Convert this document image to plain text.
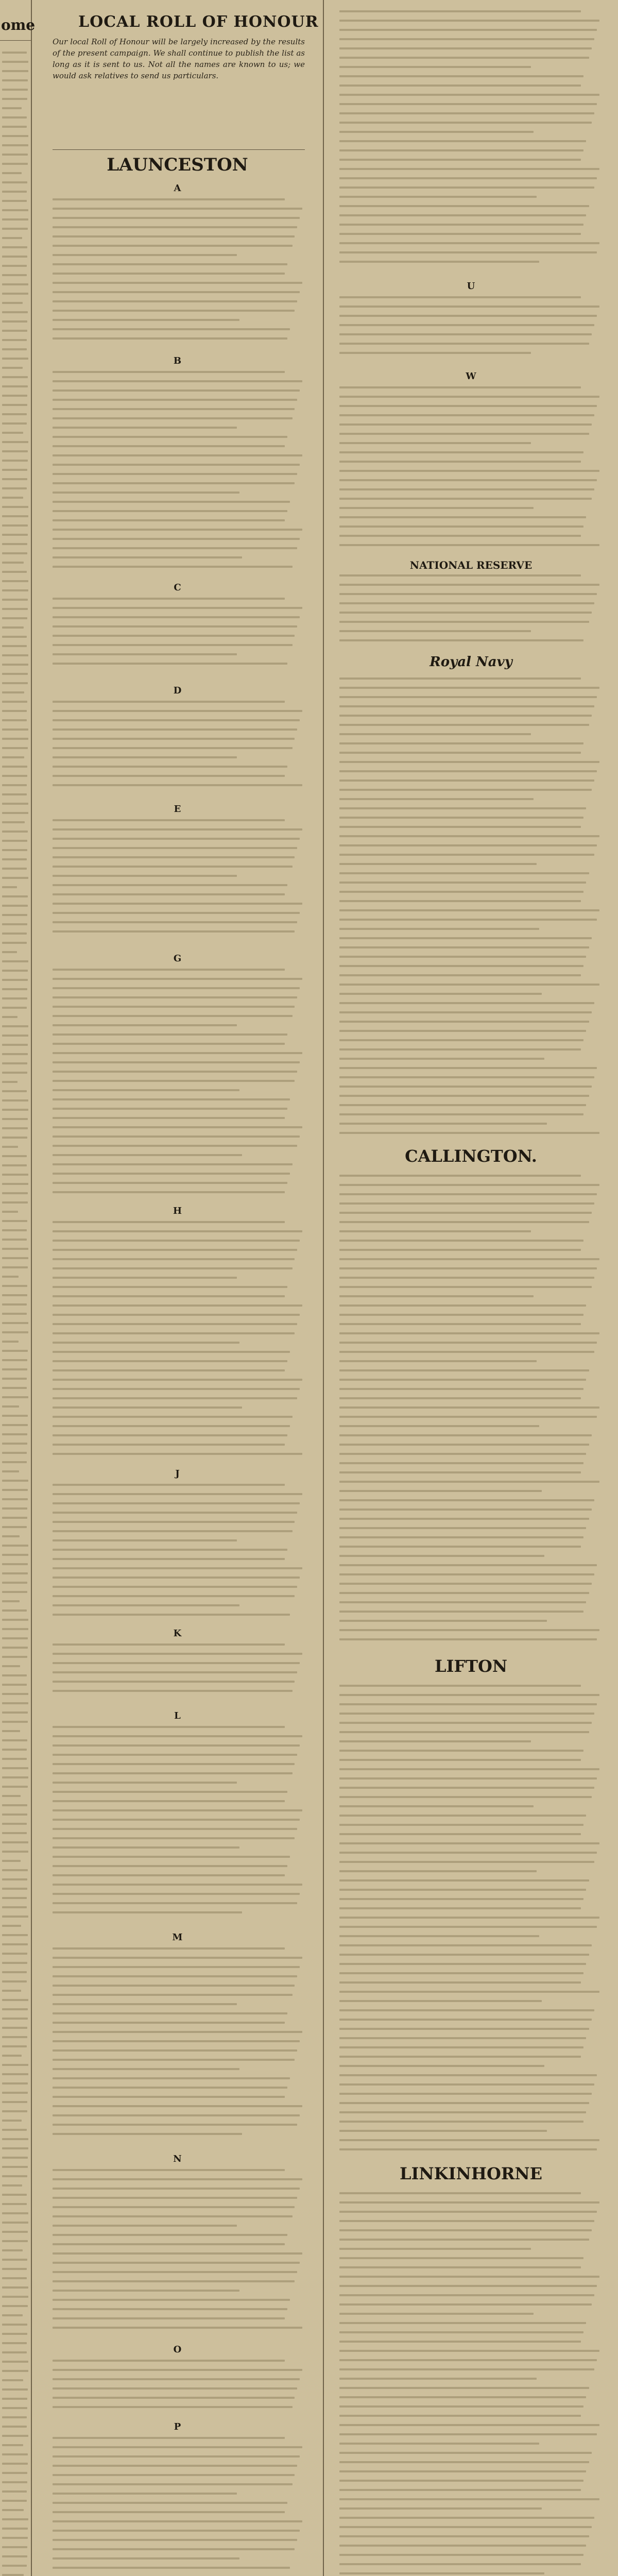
ome	LOCAL ROLL OF HONOUR
Our local Roll of Honour will be largely increased by the results of the present campaign. We shall continue to publish the list as long as it is sent to us. Not all the names are known to us; we would ask relatives to send us particulars.
LAUNCESTON
A
B
C
D
E
G
H
J
K
L
M
N
O
P
U
W
NATIONAL RESERVE
Royal Navy
CALLINGTON.
LIFTON
LINKINHORNE
